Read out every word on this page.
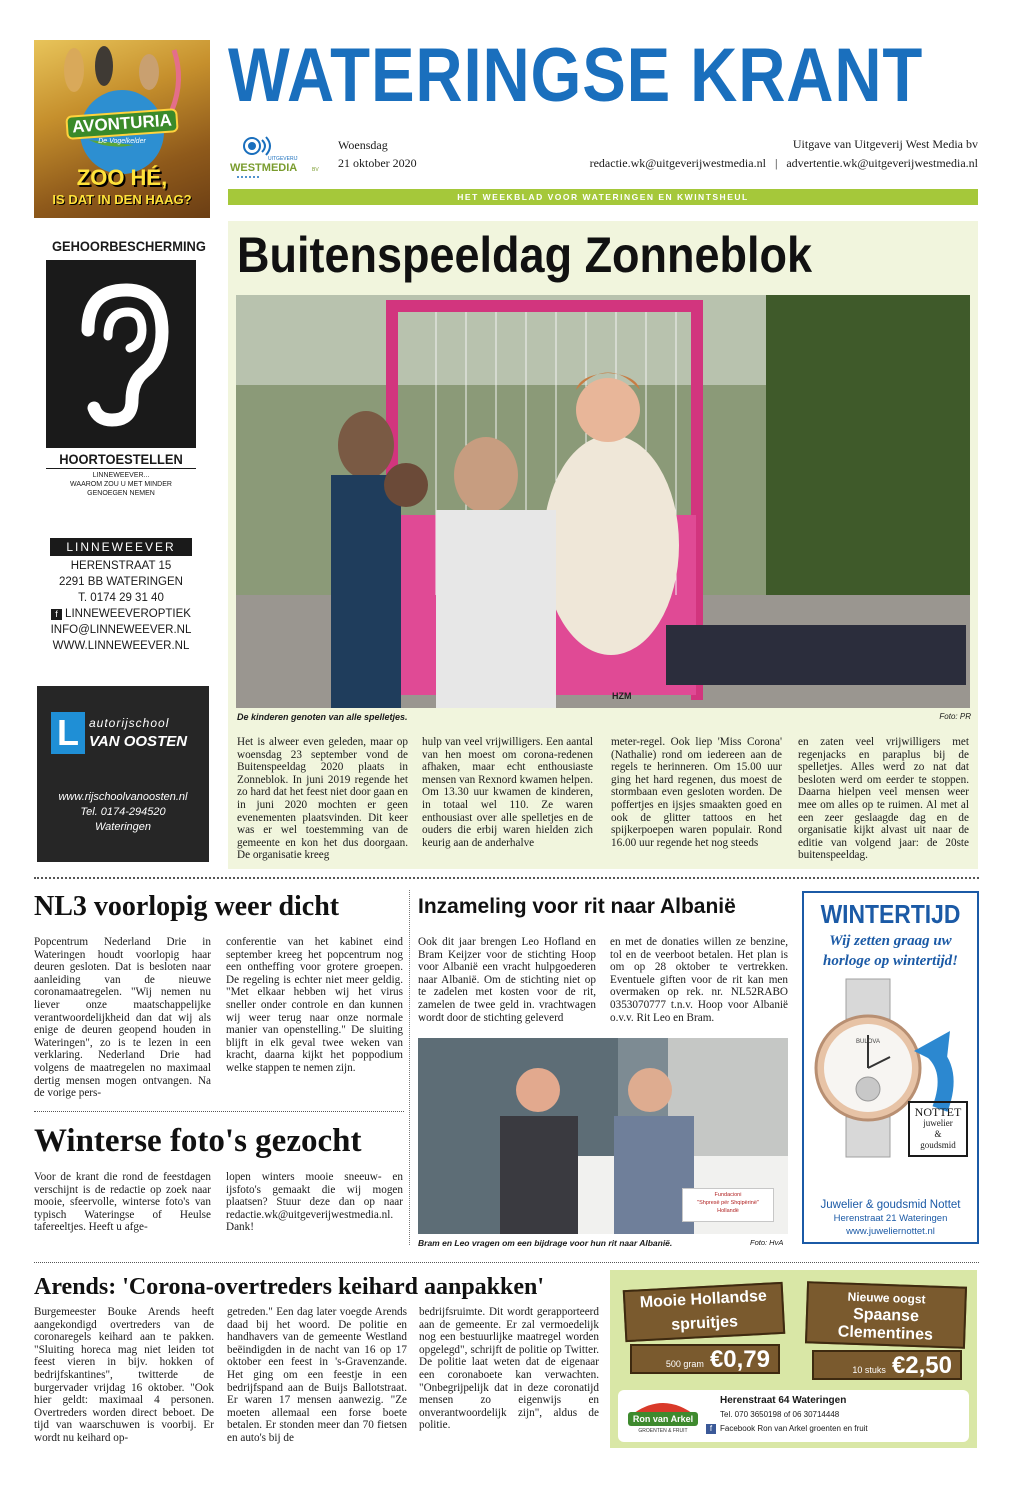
WATERINGSE KRANT
UITGEVERIJ
WESTMEDIA	BV
Woensdag
21 oktober 2020
Uitgave van Uitgeverij West Media bv
redactie.wk@uitgeverijwestmedia.nl | advertentie.wk@uitgeverijwestmedia.nl
HET WEEKBLAD VOOR WATERINGEN EN KWINTSHEUL
AVONTURIA
De Vogelkelder
ZOO HÉ,
IS DAT IN DEN HAAG?
GEHOORBESCHERMING
HOORTOESTELLEN
LINNEWEEVER...
WAAROM ZOU U MET MINDER
GENOEGEN NEMEN
LINNEWEEVER
HERENSTRAAT 15
2291 BB WATERINGEN
T. 0174 29 31 40
f LINNEWEEVEROPTIEK
INFO@LINNEWEEVER.NL
WWW.LINNEWEEVER.NL
L autorijschool
VAN OOSTEN
www.rijschoolvanoosten.nl
Tel. 0174-294520
Wateringen
Buitenspeeldag Zonneblok
HZM
De kinderen genoten van alle spelletjes.	Foto: PR
Het is alweer even geleden, maar op woensdag 23 september vond de Buitenspeeldag 2020 plaats in Zonneblok. In juni 2019 regende het zo hard dat het feest niet door gaan en in juni 2020 mochten er geen evenementen plaatsvinden. Dit keer was er wel toestemming van de gemeente en kon het dus doorgaan. De organisatie kreeg
hulp van veel vrijwilligers. Een aantal van hen moest om corona-redenen afhaken, maar echt enthousiaste mensen van Rexnord kwamen helpen. Om 13.30 uur kwamen de kinderen, in totaal wel 110. Ze waren enthousiast over alle spelletjes en de ouders die erbij waren hielden zich keurig aan de anderhalve
meter-regel. Ook liep 'Miss Corona' (Nathalie) rond om iedereen aan de regels te herinneren. Om 15.00 uur ging het hard regenen, dus moest de stormbaan even gesloten worden. De poffertjes en ijsjes smaakten goed en ook de glitter tattoos en het spijkerpoepen waren populair. Rond 16.00 uur regende het nog steeds
en zaten veel vrijwilligers met regenjacks en paraplus bij de spelletjes. Alles werd zo nat dat besloten werd om eerder te stoppen. Daarna hielpen veel mensen weer mee om alles op te ruimen. Al met al een zeer geslaagde dag en de organisatie kijkt alvast uit naar de editie van volgend jaar: de 20ste buitenspeeldag.
NL3 voorlopig weer dicht
Popcentrum Nederland Drie in Wateringen houdt voorlopig haar deuren gesloten. Dat is besloten naar aanleiding van de nieuwe coronamaatregelen. "Wij nemen nu liever onze maatschappelijke verantwoordelijkheid dan dat wij als enige de deuren geopend houden in Wateringen", zo is te lezen in een verklaring. Nederland Drie had volgens de maatregelen no maximaal dertig mensen mogen ontvangen. Na de vorige pers-
conferentie van het kabinet eind september kreeg het popcentrum nog een ontheffing voor grotere groepen. De regeling is echter niet meer geldig. "Met elkaar hebben wij het virus sneller onder controle en dan kunnen wij weer terug naar onze normale manier van openstelling." De sluiting blijft in elk geval twee weken van kracht, daarna kijkt het poppodium welke stappen te nemen zijn.
Winterse foto's gezocht
Voor de krant die rond de feestdagen verschijnt is de redactie op zoek naar mooie, sfeervolle, winterse foto's van typisch Wateringse of Heulse tafereeltjes. Heeft u afge-
lopen winters mooie sneeuw- en ijsfoto's gemaakt die wij mogen plaatsen? Stuur deze dan op naar redactie.wk@uitgeverijwestmedia.nl. Dank!
Inzameling voor rit naar Albanië
Ook dit jaar brengen Leo Hofland en Bram Keijzer voor de stichting Hoop voor Albanië een vracht hulpgoederen naar Albanië. Om de stichting niet op te zadelen met kosten voor de rit, zamelen de twee geld in. vrachtwagen wordt door de stichting geleverd
en met de donaties willen ze benzine, tol en de veerboot betalen. Het plan is om op 28 oktober te vertrekken. Eventuele giften voor de rit kan men overmaken op rek. nr. NL52RABO 0353070777 t.n.v. Hoop voor Albanië o.v.v. Rit Leo en Bram.
Fundacioni
"Shpresë për Shqipërinë"
Hollandë
Bram en Leo vragen om een bijdrage voor hun rit naar Albanië.	Foto: HvA
WINTERTIJD
Wij zetten graag uw
horloge op wintertijd!
BULOVA
NOTTET
juwelier
&
goudsmid
Juwelier & goudsmid Nottet
Herenstraat 21 Wateringen
www.juweliernottet.nl
Arends: 'Corona-overtreders keihard aanpakken'
Burgemeester Bouke Arends heeft aangekondigd overtreders van de coronaregels keihard aan te pakken. "Sluiting horeca mag niet leiden tot feest vieren in bijv. hokken of bedrijfskantines", twitterde de burgervader vrijdag 16 oktober. "Ook hier geldt: maximaal 4 personen. Overtreders worden direct beboet. De tijd van waarschuwen is voorbij. Er wordt nu keihard op-
getreden." Een dag later voegde Arends daad bij het woord. De politie en handhavers van de gemeente Westland beëindigden in de nacht van 16 op 17 oktober een feest in 's-Gravenzande. Het ging om een feestje in een bedrijfspand aan de Buijs Ballotstraat. Er waren 17 mensen aanwezig. "Ze moeten allemaal een forse boete betalen. Er stonden meer dan 70 fietsen en auto's bij de
bedrijfsruimte. Dit wordt gerapporteerd aan de gemeente. Er zal vermoedelijk nog een bestuurlijke maatregel worden opgelegd", schrijft de politie op Twitter. De politie laat weten dat de eigenaar een coronaboete kan verwachten. "Onbegrijpelijk dat in deze coronatijd mensen zo eigenwijs en onverantwoordelijk zijn", aldus de politie.
Mooie Hollandse
spruitjes
500 gram €0,79
Nieuwe oogst
Spaanse
Clementines
10 stuks €2,50
Ron van Arkel
GROENTEN & FRUIT
Herenstraat 64 Wateringen
Tel. 070 3650198 of 06 30714448
f Facebook Ron van Arkel groenten en fruit
